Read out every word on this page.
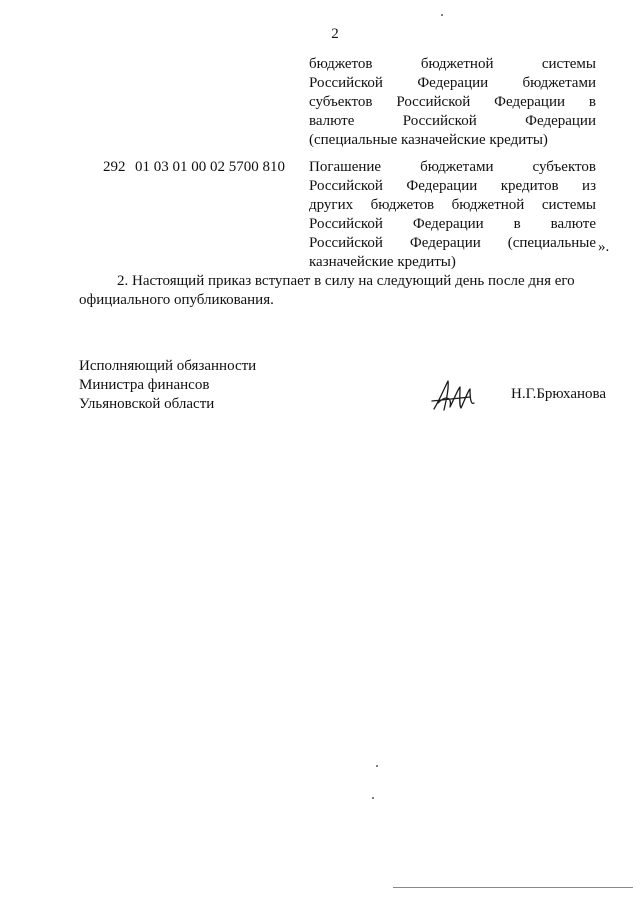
2
бюджетов	бюджетной	системы
Российской Федерации бюджетами
субъектов Российской Федерации в
валюте	Российской	Федерации
(специальные казначейские кредиты)
292 01 03 01 00 02 5700 810 Погашение	бюджетами	субъектов
Российской Федерации кредитов из
других бюджетов бюджетной системы
Российской Федерации в валюте
Российской Федерации (специальные
казначейские кредиты)
».
2. Настоящий приказ вступает в силу на следующий день после дня его
официального опубликования.
Исполняющий обязанности
Министра финансов
Ульяновской области
Н.Г.Брюханова
